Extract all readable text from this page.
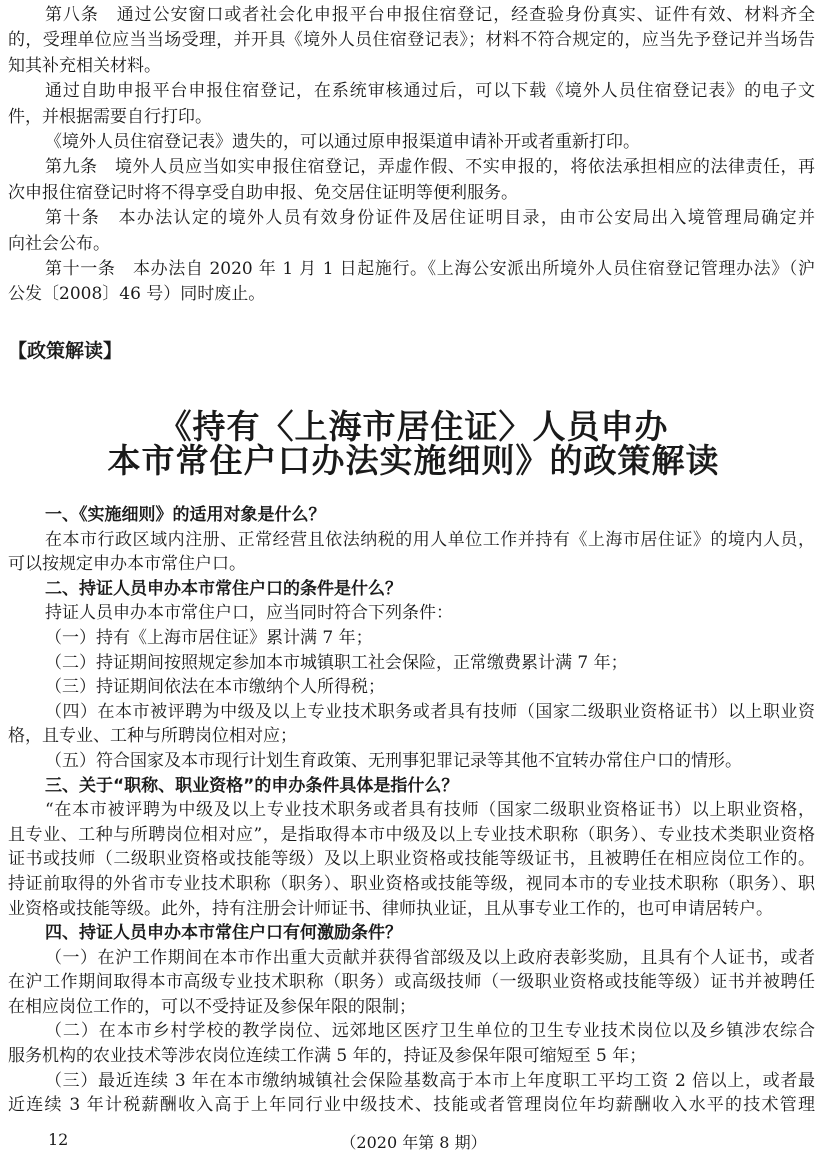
第八条　通过公安窗口或者社会化申报平台申报住宿登记，经查验身份真实、证件有效、材料齐全
的，受理单位应当当场受理，并开具《境外人员住宿登记表》；材料不符合规定的，应当先予登记并当场告
知其补充相关材料。
通过自助申报平台申报住宿登记，在系统审核通过后，可以下载《境外人员住宿登记表》的电子文
件，并根据需要自行打印。
《境外人员住宿登记表》遗失的，可以通过原申报渠道申请补开或者重新打印。
第九条　境外人员应当如实申报住宿登记，弄虚作假、不实申报的，将依法承担相应的法律责任，再
次申报住宿登记时将不得享受自助申报、免交居住证明等便利服务。
第十条　本办法认定的境外人员有效身份证件及居住证明目录，由市公安局出入境管理局确定并
向社会公布。
第十一条　本办法自 2020 年 1 月 1 日起施行。《上海公安派出所境外人员住宿登记管理办法》（沪
公发〔2008〕46 号）同时废止。
【政策解读】
《持有〈上海市居住证〉人员申办
本市常住户口办法实施细则》的政策解读
一、《实施细则》的适用对象是什么？
在本市行政区域内注册、正常经营且依法纳税的用人单位工作并持有《上海市居住证》的境内人员，
可以按规定申办本市常住户口。
二、持证人员申办本市常住户口的条件是什么？
持证人员申办本市常住户口，应当同时符合下列条件：
（一）持有《上海市居住证》累计满 7 年；
（二）持证期间按照规定参加本市城镇职工社会保险，正常缴费累计满 7 年；
（三）持证期间依法在本市缴纳个人所得税；
（四）在本市被评聘为中级及以上专业技术职务或者具有技师（国家二级职业资格证书）以上职业资
格，且专业、工种与所聘岗位相对应；
（五）符合国家及本市现行计划生育政策、无刑事犯罪记录等其他不宜转办常住户口的情形。
三、关于“职称、职业资格”的申办条件具体是指什么？
“在本市被评聘为中级及以上专业技术职务或者具有技师（国家二级职业资格证书）以上职业资格，
且专业、工种与所聘岗位相对应”，是指取得本市中级及以上专业技术职称（职务）、专业技术类职业资格
证书或技师（二级职业资格或技能等级）及以上职业资格或技能等级证书，且被聘任在相应岗位工作的。
持证前取得的外省市专业技术职称（职务）、职业资格或技能等级，视同本市的专业技术职称（职务）、职
业资格或技能等级。此外，持有注册会计师证书、律师执业证，且从事专业工作的，也可申请居转户。
四、持证人员申办本市常住户口有何激励条件？
（一）在沪工作期间在本市作出重大贡献并获得省部级及以上政府表彰奖励，且具有个人证书，或者
在沪工作期间取得本市高级专业技术职称（职务）或高级技师（一级职业资格或技能等级）证书并被聘任
在相应岗位工作的，可以不受持证及参保年限的限制；
（二）在本市乡村学校的教学岗位、远郊地区医疗卫生单位的卫生专业技术岗位以及乡镇涉农综合
服务机构的农业技术等涉农岗位连续工作满 5 年的，持证及参保年限可缩短至 5 年；
（三）最近连续 3 年在本市缴纳城镇社会保险基数高于本市上年度职工平均工资 2 倍以上，或者最
近连续 3 年计税薪酬收入高于上年同行业中级技术、技能或者管理岗位年均薪酬收入水平的技术管理
12	（2020 年第 8 期）
